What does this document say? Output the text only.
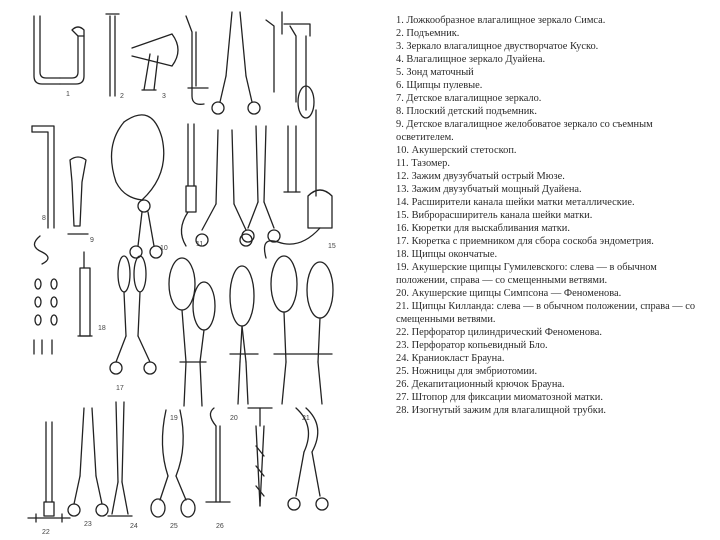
15
17
1	2	3
8
9
10
11
18
19	20	21
22
23	24	25	26
1. Ложкообразное влагалищное зеркало Симса.
2. Подъемник.
3. Зеркало влагалищное двустворчатое Куско.
4. Влагалищное зеркало Дуайена.
5. Зонд маточный
6. Щипцы пулевые.
7. Детское влагалищное зеркало.
8. Плоский детский подъемник.
9. Детское влагалищное желобоватое зеркало со съемным осветителем.
10. Акушерский стетоскоп.
11. Тазомер.
12. Зажим двузубчатый острый Мюзе.
13. Зажим двузубчатый мощный Дуайена.
14. Расширители канала шейки матки металлические.
15. Виброрасширитель канала шейки матки.
16. Кюретки для выскабливания матки.
17. Кюретка с приемником для сбора соскоба эндометрия.
18. Щипцы окончатые.
19. Акушерские щипцы Гумилевского: слева — в обычном положении, справа — со смещенными ветвями.
20. Акушерские щипцы Симпсона — Феноменова.
21. Щипцы Килланда: слева — в обычном положении, справа — со смещенными ветвями.
22. Перфоратор цилиндрический Феноменова.
23. Перфоратор копьевидный Бло.
24. Краниокласт Брауна.
25. Ножницы для эмбриотомии.
26. Декапитационный крючок Брауна.
27. Штопор для фиксации миоматозной матки.
28. Изогнутый зажим для влагалищной трубки.
